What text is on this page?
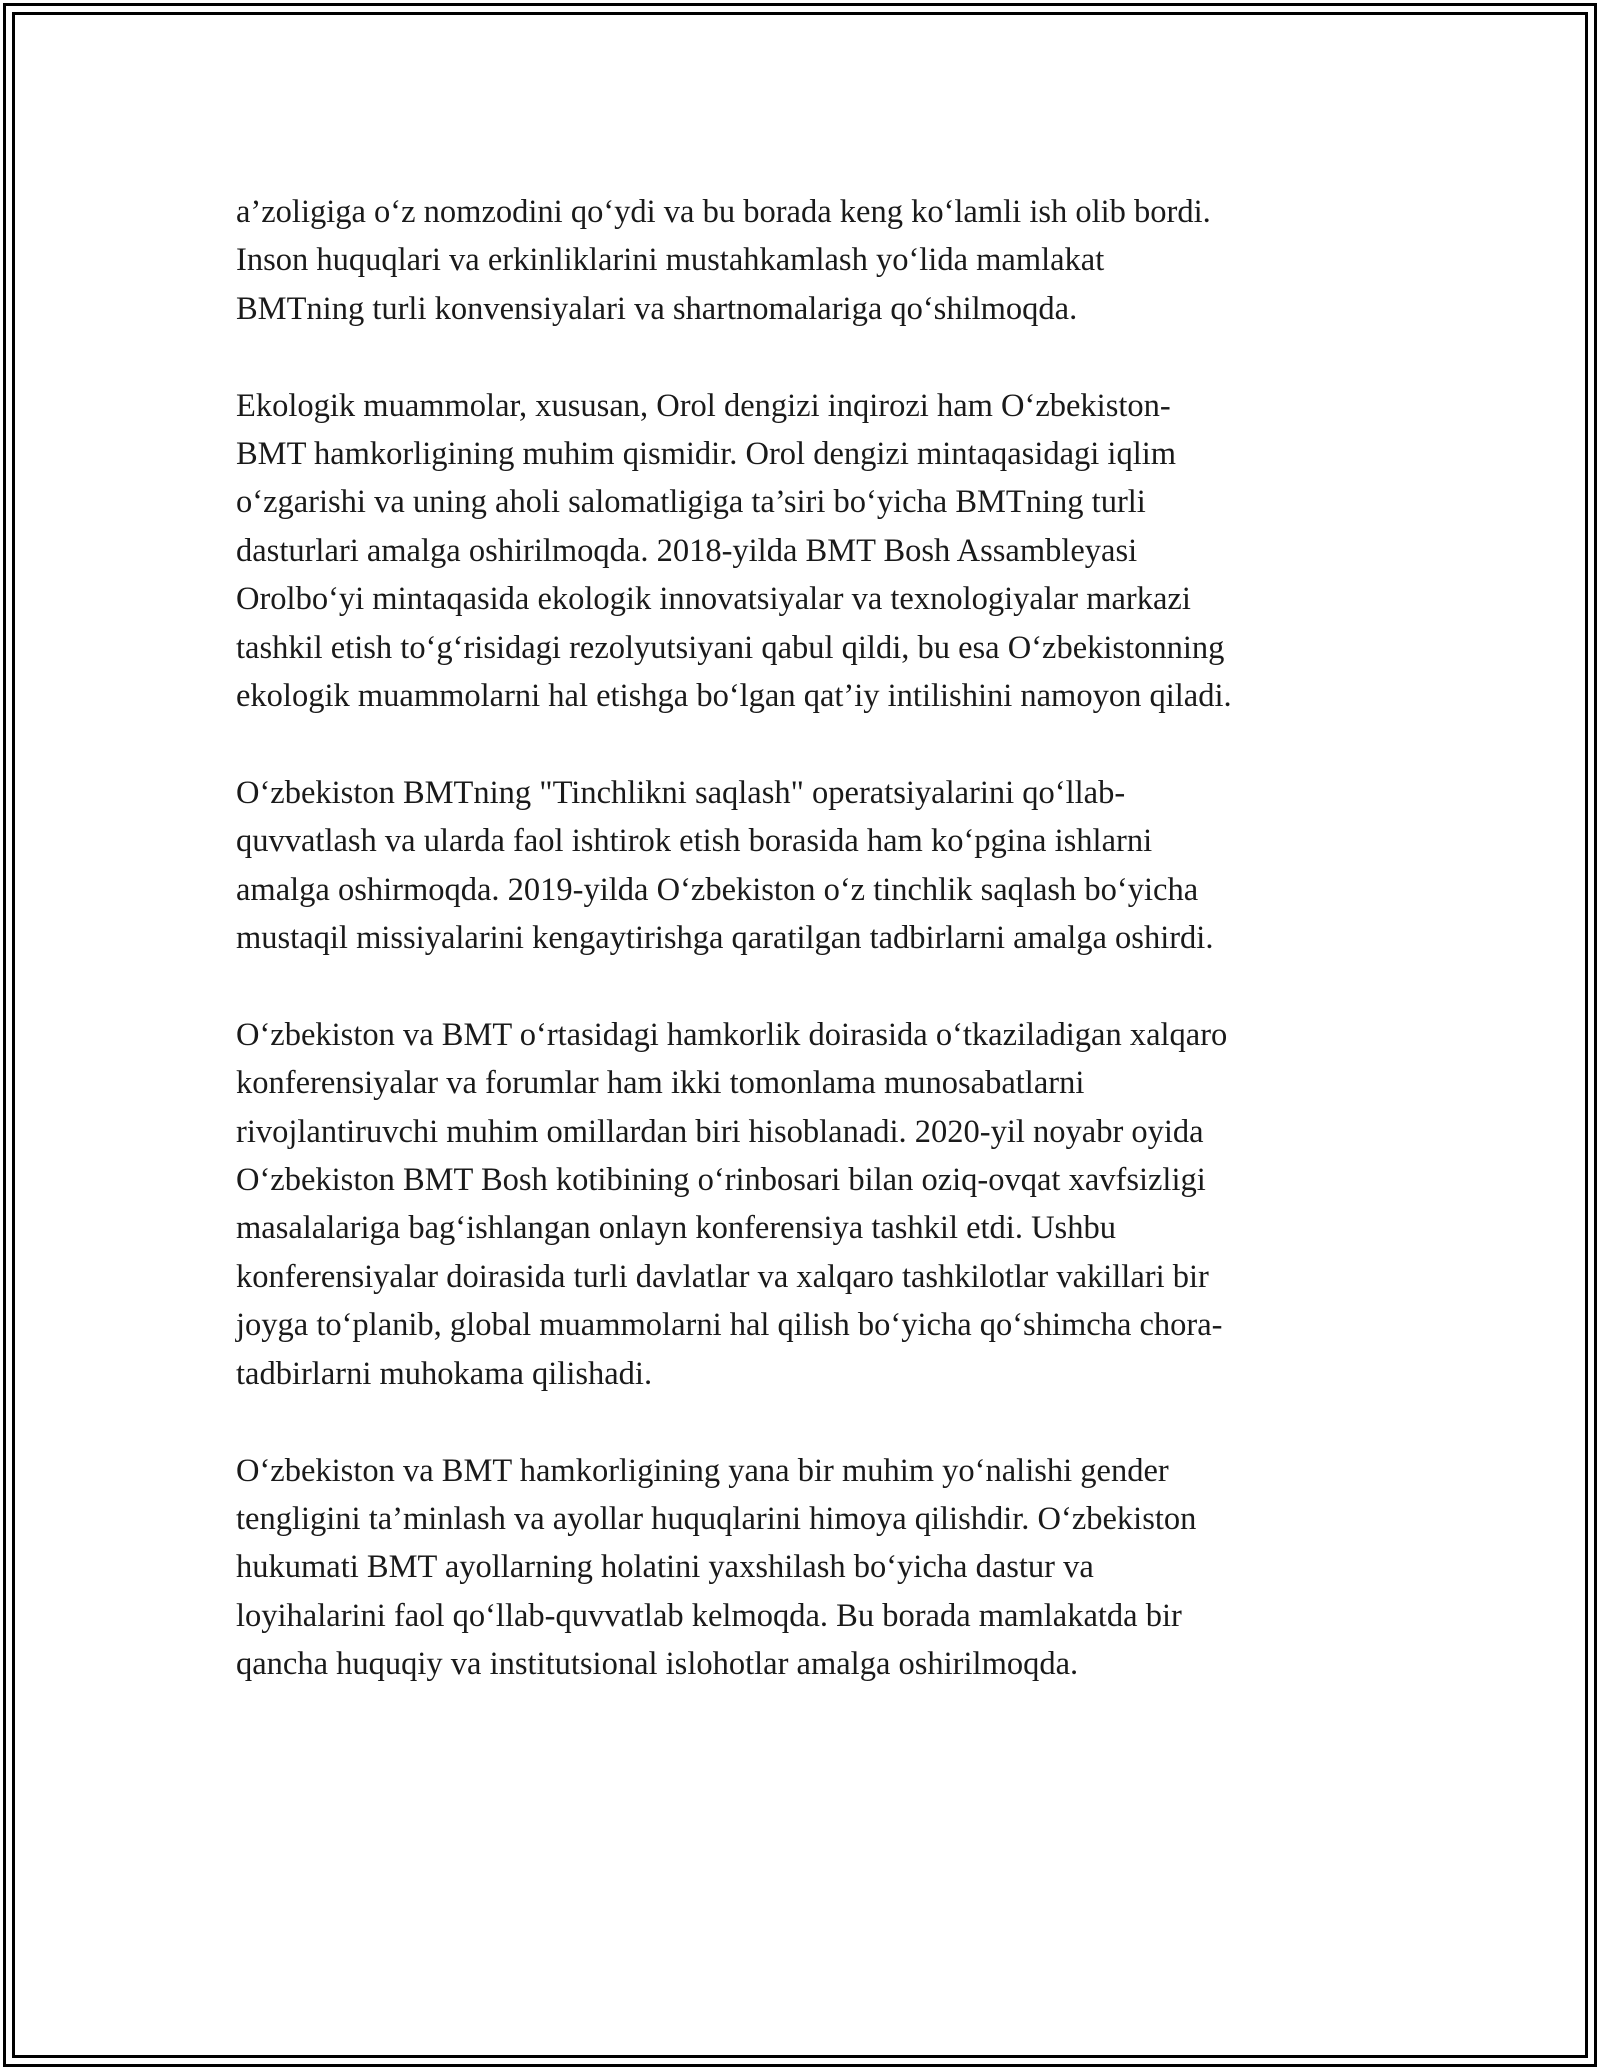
a’zoligiga o‘z nomzodini qo‘ydi va bu borada keng ko‘lamli ish olib bordi.
Inson huquqlari va erkinliklarini mustahkamlash yo‘lida mamlakat
BMTning turli konvensiyalari va shartnomalariga qo‘shilmoqda.

Ekologik muammolar, xususan, Orol dengizi inqirozi ham O‘zbekiston-
BMT hamkorligining muhim qismidir. Orol dengizi mintaqasidagi iqlim
o‘zgarishi va uning aholi salomatligiga ta’siri bo‘yicha BMTning turli
dasturlari amalga oshirilmoqda. 2018-yilda BMT Bosh Assambleyasi
Orolbo‘yi mintaqasida ekologik innovatsiyalar va texnologiyalar markazi
tashkil etish to‘g‘risidagi rezolyutsiyani qabul qildi, bu esa O‘zbekistonning
ekologik muammolarni hal etishga bo‘lgan qat’iy intilishini namoyon qiladi.

O‘zbekiston BMTning "Tinchlikni saqlash" operatsiyalarini qo‘llab-
quvvatlash va ularda faol ishtirok etish borasida ham ko‘pgina ishlarni
amalga oshirmoqda. 2019-yilda O‘zbekiston o‘z tinchlik saqlash bo‘yicha
mustaqil missiyalarini kengaytirishga qaratilgan tadbirlarni amalga oshirdi.

O‘zbekiston va BMT o‘rtasidagi hamkorlik doirasida o‘tkaziladigan xalqaro
konferensiyalar va forumlar ham ikki tomonlama munosabatlarni
rivojlantiruvchi muhim omillardan biri hisoblanadi. 2020-yil noyabr oyida
O‘zbekiston BMT Bosh kotibining o‘rinbosari bilan oziq-ovqat xavfsizligi
masalalariga bag‘ishlangan onlayn konferensiya tashkil etdi. Ushbu
konferensiyalar doirasida turli davlatlar va xalqaro tashkilotlar vakillari bir
joyga to‘planib, global muammolarni hal qilish bo‘yicha qo‘shimcha chora-
tadbirlarni muhokama qilishadi.

O‘zbekiston va BMT hamkorligining yana bir muhim yo‘nalishi gender
tengligini ta’minlash va ayollar huquqlarini himoya qilishdir. O‘zbekiston
hukumati BMT ayollarning holatini yaxshilash bo‘yicha dastur va
loyihalarini faol qo‘llab-quvvatlab kelmoqda. Bu borada mamlakatda bir
qancha huquqiy va institutsional islohotlar amalga oshirilmoqda.
